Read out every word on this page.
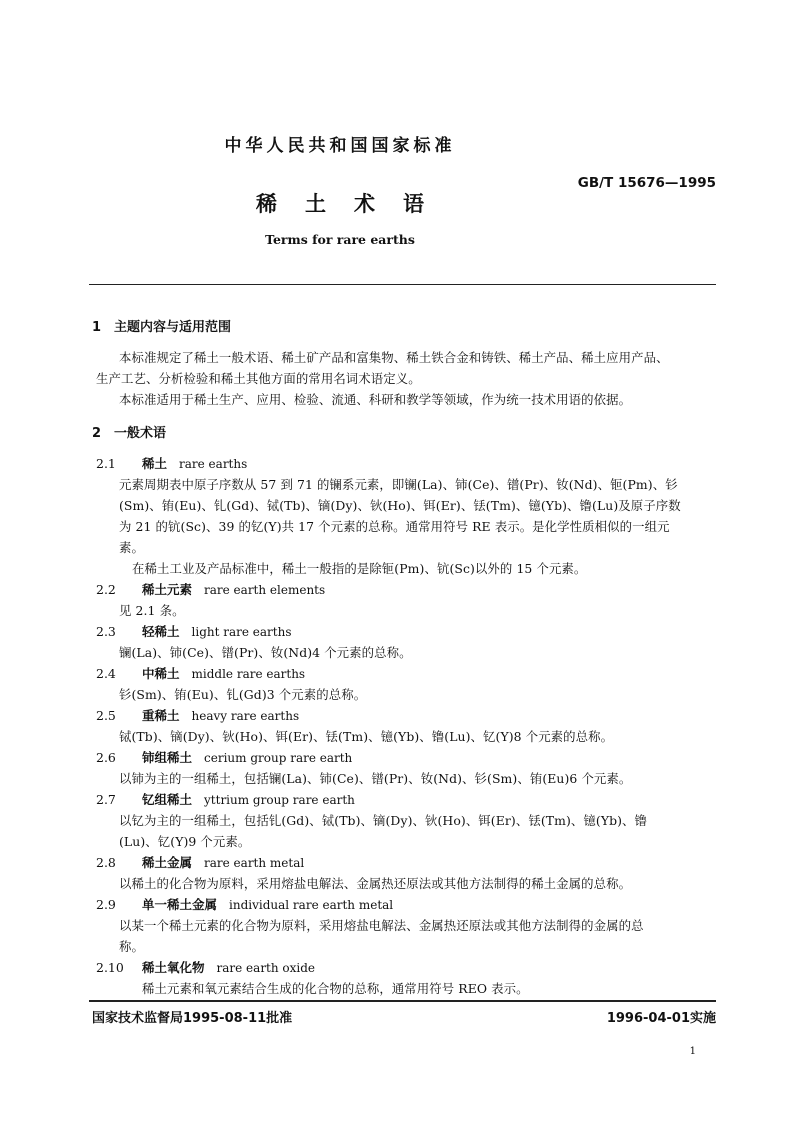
中华人民共和国国家标准
GB/T 15676—1995
稀土术语
Terms for rare earths
1 主题内容与适用范围
本标准规定了稀土一般术语、稀土矿产品和富集物、稀土铁合金和铸铁、稀土产品、稀土应用产品、
生产工艺、分析检验和稀土其他方面的常用名词术语定义。
本标准适用于稀土生产、应用、检验、流通、科研和教学等领域，作为统一技术用语的依据。
2 一般术语
2.1 稀土 rare earths
元素周期表中原子序数从 57 到 71 的镧系元素，即镧(La)、铈(Ce)、镨(Pr)、钕(Nd)、钷(Pm)、钐
(Sm)、铕(Eu)、钆(Gd)、铽(Tb)、镝(Dy)、钬(Ho)、铒(Er)、铥(Tm)、镱(Yb)、镥(Lu)及原子序数
为 21 的钪(Sc)、39 的钇(Y)共 17 个元素的总称。通常用符号 RE 表示。是化学性质相似的一组元
素。
在稀土工业及产品标准中，稀土一般指的是除钷(Pm)、钪(Sc)以外的 15 个元素。
2.2 稀土元素 rare earth elements
见 2.1 条。
2.3 轻稀土 light rare earths
镧(La)、铈(Ce)、镨(Pr)、钕(Nd)4 个元素的总称。
2.4 中稀土 middle rare earths
钐(Sm)、铕(Eu)、钆(Gd)3 个元素的总称。
2.5 重稀土 heavy rare earths
铽(Tb)、镝(Dy)、钬(Ho)、铒(Er)、铥(Tm)、镱(Yb)、镥(Lu)、钇(Y)8 个元素的总称。
2.6 铈组稀土 cerium group rare earth
以铈为主的一组稀土，包括镧(La)、铈(Ce)、镨(Pr)、钕(Nd)、钐(Sm)、铕(Eu)6 个元素。
2.7 钇组稀土 yttrium group rare earth
以钇为主的一组稀土，包括钆(Gd)、铽(Tb)、镝(Dy)、钬(Ho)、铒(Er)、铥(Tm)、镱(Yb)、镥
(Lu)、钇(Y)9 个元素。
2.8 稀土金属 rare earth metal
以稀土的化合物为原料，采用熔盐电解法、金属热还原法或其他方法制得的稀土金属的总称。
2.9 单一稀土金属 individual rare earth metal
以某一个稀土元素的化合物为原料，采用熔盐电解法、金属热还原法或其他方法制得的金属的总
称。
2.10 稀土氧化物 rare earth oxide
稀土元素和氧元素结合生成的化合物的总称，通常用符号 REO 表示。
国家技术监督局1995-08-11批准	1996-04-01实施
1
